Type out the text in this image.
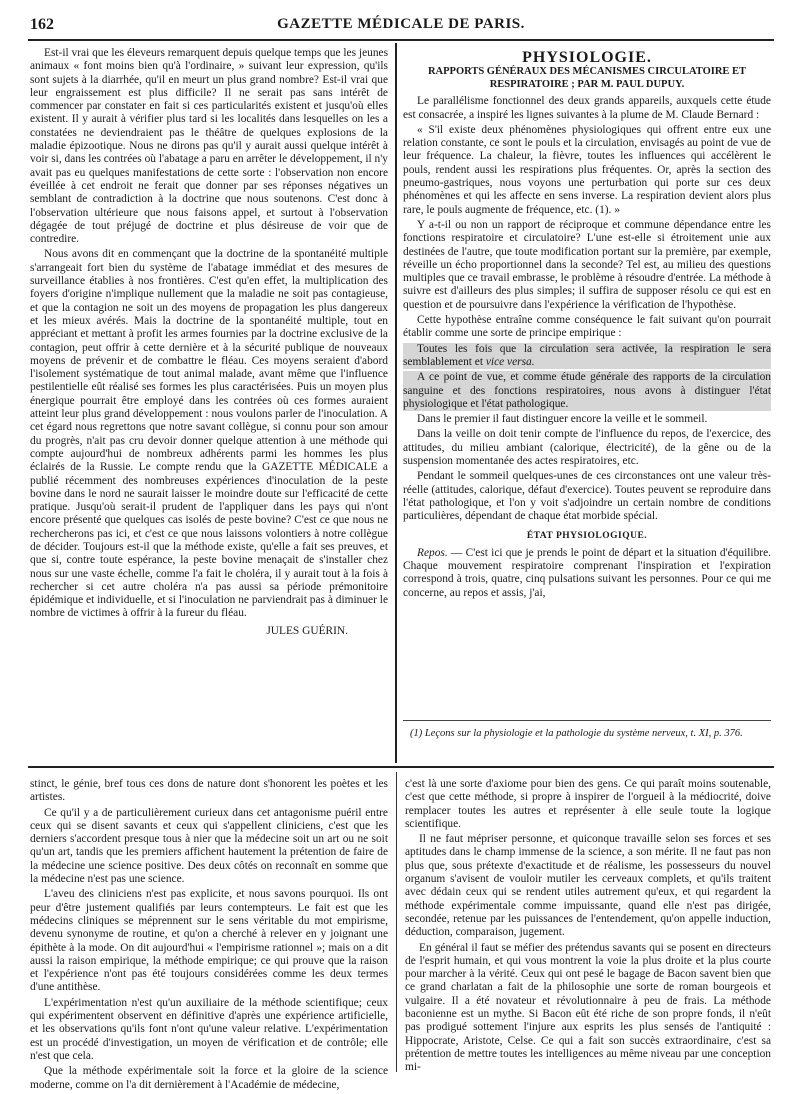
162	GAZETTE MÉDICALE DE PARIS.

Est-il vrai que les éleveurs remarquent depuis quelque temps que les jeunes animaux « font moins bien qu'à l'ordinaire, » suivant leur expression, qu'ils sont sujets à la diarrhée, qu'il en meurt un plus grand nombre? Est-il vrai que leur engraissement est plus difficile? Il ne serait pas sans intérêt de commencer par constater en fait si ces particularités existent et jusqu'où elles existent. Il y aurait à vérifier plus tard si les localités dans lesquelles on les a constatées ne deviendraient pas le théâtre de quelques explosions de la maladie épizootique. Nous ne dirons pas qu'il y aurait aussi quelque intérêt à voir si, dans les contrées où l'abatage a paru en arrêter le développement, il n'y avait pas eu quelques manifestations de cette sorte : l'observation non encore éveillée à cet endroit ne ferait que donner par ses réponses négatives un semblant de contradiction à la doctrine que nous soutenons. C'est donc à l'observation ultérieure que nous faisons appel, et surtout à l'observation dégagée de tout préjugé de doctrine et plus désireuse de voir que de contredire.

Nous avons dit en commençant que la doctrine de la spontanéité multiple s'arrangeait fort bien du système de l'abatage immédiat et des mesures de surveillance établies à nos frontières. C'est qu'en effet, la multiplication des foyers d'origine n'implique nullement que la maladie ne soit pas contagieuse, et que la contagion ne soit un des moyens de propagation les plus dangereux et les mieux avérés. Mais la doctrine de la spontanéité multiple, tout en appréciant et mettant à profit les armes fournies par la doctrine exclusive de la contagion, peut offrir à cette dernière et à la sécurité publique de nouveaux moyens de prévenir et de combattre le fléau. Ces moyens seraient d'abord l'isolement systématique de tout animal malade, avant même que l'influence pestilentielle eût réalisé ses formes les plus caractérisées. Puis un moyen plus énergique pourrait être employé dans les contrées où ces formes auraient atteint leur plus grand développement : nous voulons parler de l'inoculation. A cet égard nous regrettons que notre savant collègue, si connu pour son amour du progrès, n'ait pas cru devoir donner quelque attention à une méthode qui compte aujourd'hui de nombreux adhérents parmi les hommes les plus éclairés de la Russie. Le compte rendu que la GAZETTE MÉDICALE a publié récemment des nombreuses expériences d'inoculation de la peste bovine dans le nord ne saurait laisser le moindre doute sur l'efficacité de cette pratique. Jusqu'où serait-il prudent de l'appliquer dans les pays qui n'ont encore présenté que quelques cas isolés de peste bovine? C'est ce que nous ne rechercherons pas ici, et c'est ce que nous laissons volontiers à notre collègue de décider. Toujours est-il que la méthode existe, qu'elle a fait ses preuves, et que si, contre toute espérance, la peste bovine menaçait de s'installer chez nous sur une vaste échelle, comme l'a fait le choléra, il y aurait tout à la fois à rechercher si cet autre choléra n'a pas aussi sa période prémonitoire épidémique et individuelle, et si l'inoculation ne parviendrait pas à diminuer le nombre de victimes à offrir à la fureur du fléau.

JULES GUÉRIN.

PHYSIOLOGIE.
RAPPORTS GÉNÉRAUX DES MÉCANISMES CIRCULATOIRE ET RESPIRATOIRE ; PAR M. PAUL DUPUY.

Le parallélisme fonctionnel des deux grands appareils, auxquels cette étude est consacrée, a inspiré les lignes suivantes à la plume de M. Claude Bernard :

« S'il existe deux phénomènes physiologiques qui offrent entre eux une relation constante, ce sont le pouls et la circulation, envisagés au point de vue de leur fréquence. La chaleur, la fièvre, toutes les influences qui accélèrent le pouls, rendent aussi les respirations plus fréquentes. Or, après la section des pneumo-gastriques, nous voyons une perturbation qui porte sur ces deux phénomènes et qui les affecte en sens inverse. La respiration devient alors plus rare, le pouls augmente de fréquence, etc. (1). »

Y a-t-il ou non un rapport de réciproque et commune dépendance entre les fonctions respiratoire et circulatoire? L'une est-elle si étroitement unie aux destinées de l'autre, que toute modification portant sur la première, par exemple, réveille un écho proportionnel dans la seconde? Tel est, au milieu des questions multiples que ce travail embrasse, le problème à résoudre d'entrée. La méthode à suivre est d'ailleurs des plus simples; il suffira de supposer résolu ce qui est en question et de poursuivre dans l'expérience la vérification de l'hypothèse.

Cette hypothèse entraîne comme conséquence le fait suivant qu'on pourrait établir comme une sorte de principe empirique :

Toutes les fois que la circulation sera activée, la respiration le sera semblablement et vice versa.

A ce point de vue, et comme étude générale des rapports de la circulation sanguine et des fonctions respiratoires, nous avons à distinguer l'état physiologique et l'état pathologique.

Dans le premier il faut distinguer encore la veille et le sommeil.

Dans la veille on doit tenir compte de l'influence du repos, de l'exercice, des attitudes, du milieu ambiant (calorique, électricité), de la gêne ou de la suspension momentanée des actes respiratoires, etc.

Pendant le sommeil quelques-unes de ces circonstances ont une valeur très-réelle (attitudes, calorique, défaut d'exercice). Toutes peuvent se reproduire dans l'état pathologique, et l'on y voit s'adjoindre un certain nombre de conditions particulières, dépendant de chaque état morbide spécial.

ÉTAT PHYSIOLOGIQUE.

Repos. — C'est ici que je prends le point de départ et la situation d'équilibre. Chaque mouvement respiratoire comprenant l'inspiration et l'expiration correspond à trois, quatre, cinq pulsations suivant les personnes. Pour ce qui me concerne, au repos et assis, j'ai,

(1) Leçons sur la physiologie et la pathologie du système nerveux, t. XI, p. 376.

stinct, le génie, bref tous ces dons de nature dont s'honorent les poètes et les artistes.

Ce qu'il y a de particulièrement curieux dans cet antagonisme puéril entre ceux qui se disent savants et ceux qui s'appellent cliniciens, c'est que les derniers s'accordent presque tous à nier que la médecine soit un art ou ne soit qu'un art, tandis que les premiers affichent hautement la prétention de faire de la médecine une science positive. Des deux côtés on reconnaît en somme que la médecine n'est pas une science.

L'aveu des cliniciens n'est pas explicite, et nous savons pourquoi. Ils ont peur d'être justement qualifiés par leurs contempteurs. Le fait est que les médecins cliniques se méprennent sur le sens véritable du mot empirisme, devenu synonyme de routine, et qu'on a cherché à relever en y joignant une épithète à la mode. On dit aujourd'hui « l'empirisme rationnel »; mais on a dit aussi la raison empirique, la méthode empirique; ce qui prouve que la raison et l'expérience n'ont pas été toujours considérées comme les deux termes d'une antithèse.

L'expérimentation n'est qu'un auxiliaire de la méthode scientifique; ceux qui expérimentent observent en définitive d'après une expérience artificielle, et les observations qu'ils font n'ont qu'une valeur relative. L'expérimentation est un procédé d'investigation, un moyen de vérification et de contrôle; elle n'est que cela.

Que la méthode expérimentale soit la force et la gloire de la science moderne, comme on l'a dit dernièrement à l'Académie de médecine,

c'est là une sorte d'axiome pour bien des gens. Ce qui paraît moins soutenable, c'est que cette méthode, si propre à inspirer de l'orgueil à la médiocrité, doive remplacer toutes les autres et représenter à elle seule toute la logique scientifique.

Il ne faut mépriser personne, et quiconque travaille selon ses forces et ses aptitudes dans le champ immense de la science, a son mérite. Il ne faut pas non plus que, sous prétexte d'exactitude et de réalisme, les possesseurs du nouvel organum s'avisent de vouloir mutiler les cerveaux complets, et qu'ils traitent avec dédain ceux qui se rendent utiles autrement qu'eux, et qui regardent la méthode expérimentale comme impuissante, quand elle n'est pas dirigée, secondée, retenue par les puissances de l'entendement, qu'on appelle induction, déduction, comparaison, jugement.

En général il faut se méfier des prétendus savants qui se posent en directeurs de l'esprit humain, et qui vous montrent la voie la plus droite et la plus courte pour marcher à la vérité. Ceux qui ont pesé le bagage de Bacon savent bien que ce grand charlatan a fait de la philosophie une sorte de roman bourgeois et vulgaire. Il a été novateur et révolutionnaire à peu de frais. La méthode baconienne est un mythe. Si Bacon eût été riche de son propre fonds, il n'eût pas prodigué sottement l'injure aux esprits les plus sensés de l'antiquité : Hippocrate, Aristote, Celse. Ce qui a fait son succès extraordinaire, c'est sa prétention de mettre toutes les intelligences au même niveau par une conception mi-
